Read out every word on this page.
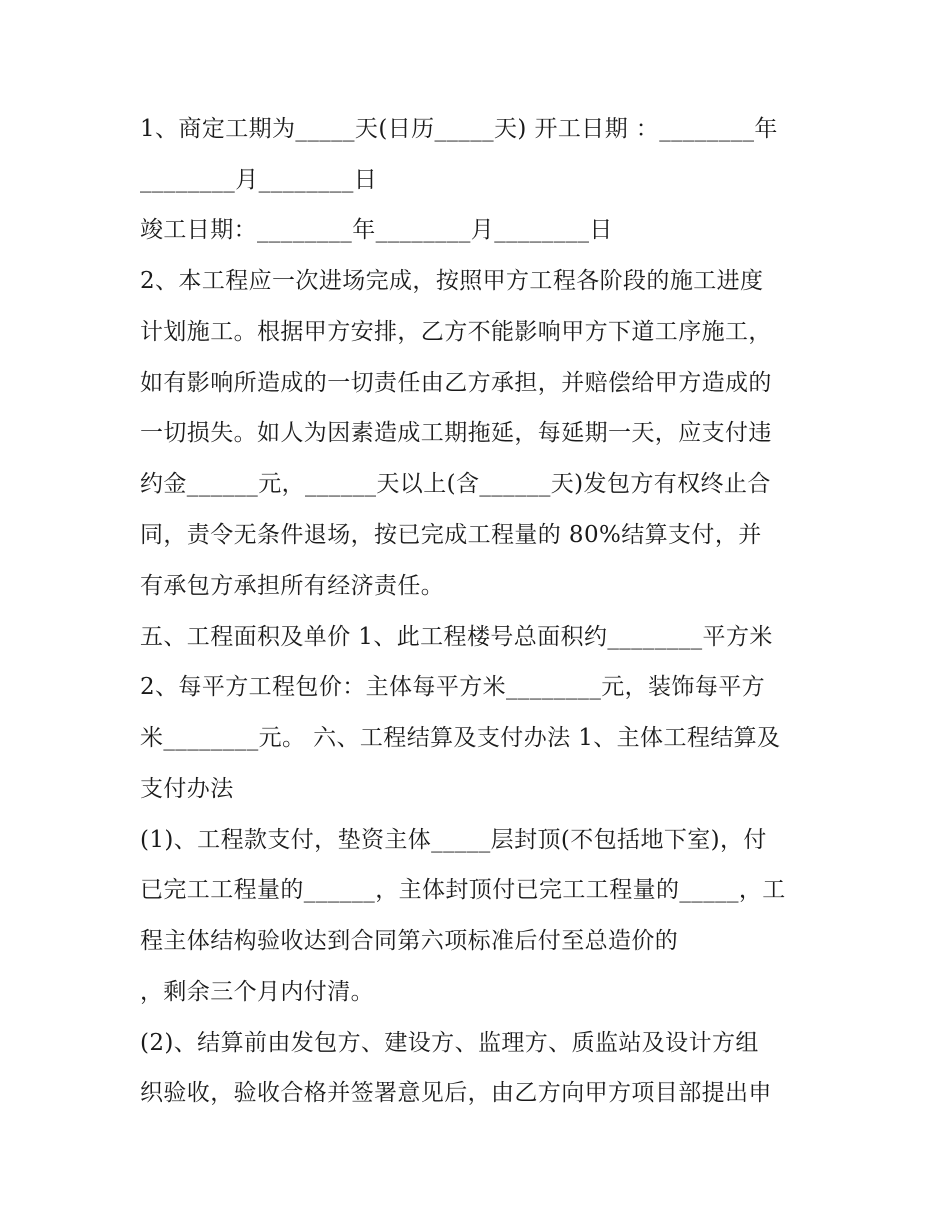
1、商定工期为_____天(日历_____天) 开工日期 ：________年
________月________日
竣工日期：________年________月________日
2、本工程应一次进场完成，按照甲方工程各阶段的施工进度
计划施工。根据甲方安排，乙方不能影响甲方下道工序施工，
如有影响所造成的一切责任由乙方承担，并赔偿给甲方造成的
一切损失。如人为因素造成工期拖延，每延期一天，应支付违
约金______元，______天以上(含______天)发包方有权终止合
同，责令无条件退场，按已完成工程量的 80%结算支付，并
有承包方承担所有经济责任。
五、工程面积及单价 1、此工程楼号总面积约________平方米
2、每平方工程包价：主体每平方米________元，装饰每平方
米________元。 六、工程结算及支付办法 1、主体工程结算及
支付办法
(1)、工程款支付，垫资主体_____层封顶(不包括地下室)，付
已完工工程量的______，主体封顶付已完工工程量的_____，工
程主体结构验收达到合同第六项标准后付至总造价的
，剩余三个月内付清。
(2)、结算前由发包方、建设方、监理方、质监站及设计方组
织验收，验收合格并签署意见后，由乙方向甲方项目部提出申
